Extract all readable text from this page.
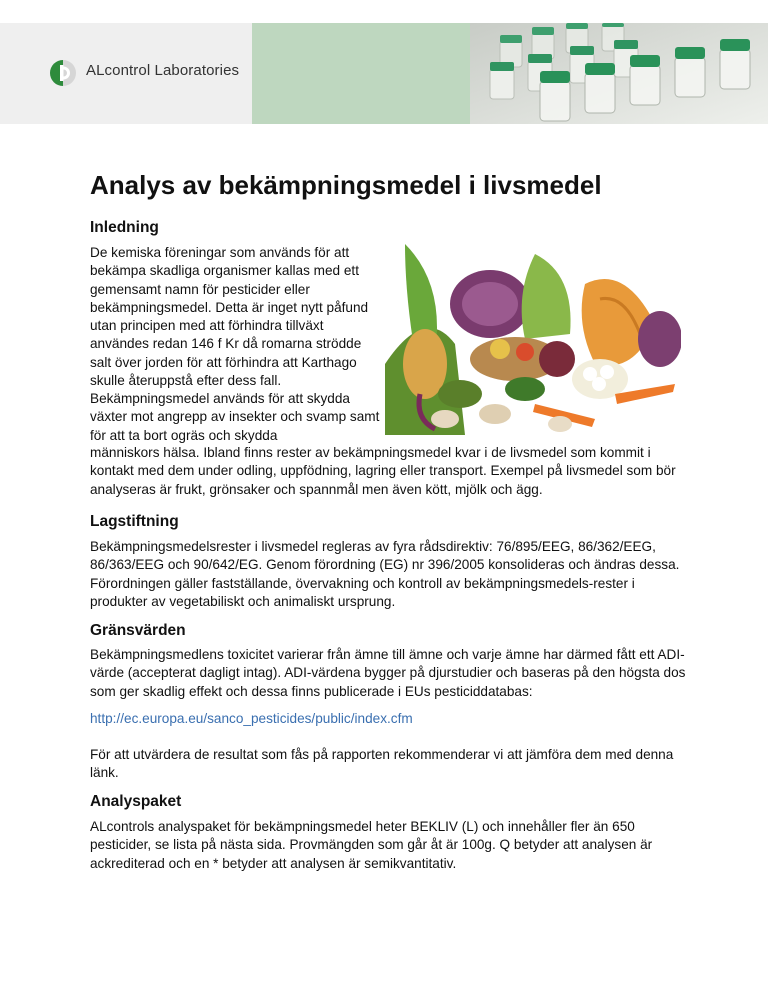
ALcontrol Laboratories
Analys av bekämpningsmedel i livsmedel
Inledning

De kemiska föreningar som används för att bekämpa skadliga organismer kallas med ett gemensamt namn för pesticider eller bekämpningsmedel. Detta är inget nytt påfund utan principen med att förhindra tillväxt användes redan 146 f Kr då romarna strödde salt över jorden för att förhindra att Karthago skulle återuppstå efter dess fall.

Bekämpningsmedel används för att skydda växter mot angrepp av insekter och svamp samt för att ta bort ogräs och skydda

människors hälsa. Ibland finns rester av bekämpningsmedel kvar i de livsmedel som kommit i kontakt med dem under odling, uppfödning, lagring eller transport. Exempel på livsmedel som bör analyseras är frukt, grönsaker och spannmål men även kött, mjölk och ägg.

Lagstiftning

Bekämpningsmedelsrester i livsmedel regleras av fyra rådsdirektiv: 76/895/EEG, 86/362/EEG, 86/363/EEG och 90/642/EG. Genom förordning (EG) nr 396/2005 konsolideras och ändras dessa. Förordningen gäller fastställande, övervakning och kontroll av bekämpningsmedels-rester i produkter av vegetabiliskt och animaliskt ursprung.

Gränsvärden

Bekämpningsmedlens toxicitet varierar från ämne till ämne och varje ämne har därmed fått ett ADI-värde (accepterat dagligt intag). ADI-värdena bygger på djurstudier och baseras på den högsta dos som ger skadlig effekt och dessa finns publicerade i EUs pesticiddatabas:

http://ec.europa.eu/sanco_pesticides/public/index.cfm

För att utvärdera de resultat som fås på rapporten rekommenderar vi att jämföra dem med denna länk.

Analyspaket

ALcontrols analyspaket för bekämpningsmedel heter BEKLIV (L) och innehåller fler än 650 pesticider, se lista på nästa sida. Provmängden som går åt är 100g. Q betyder att analysen är ackrediterad och en * betyder att analysen är semikvantitativ.
